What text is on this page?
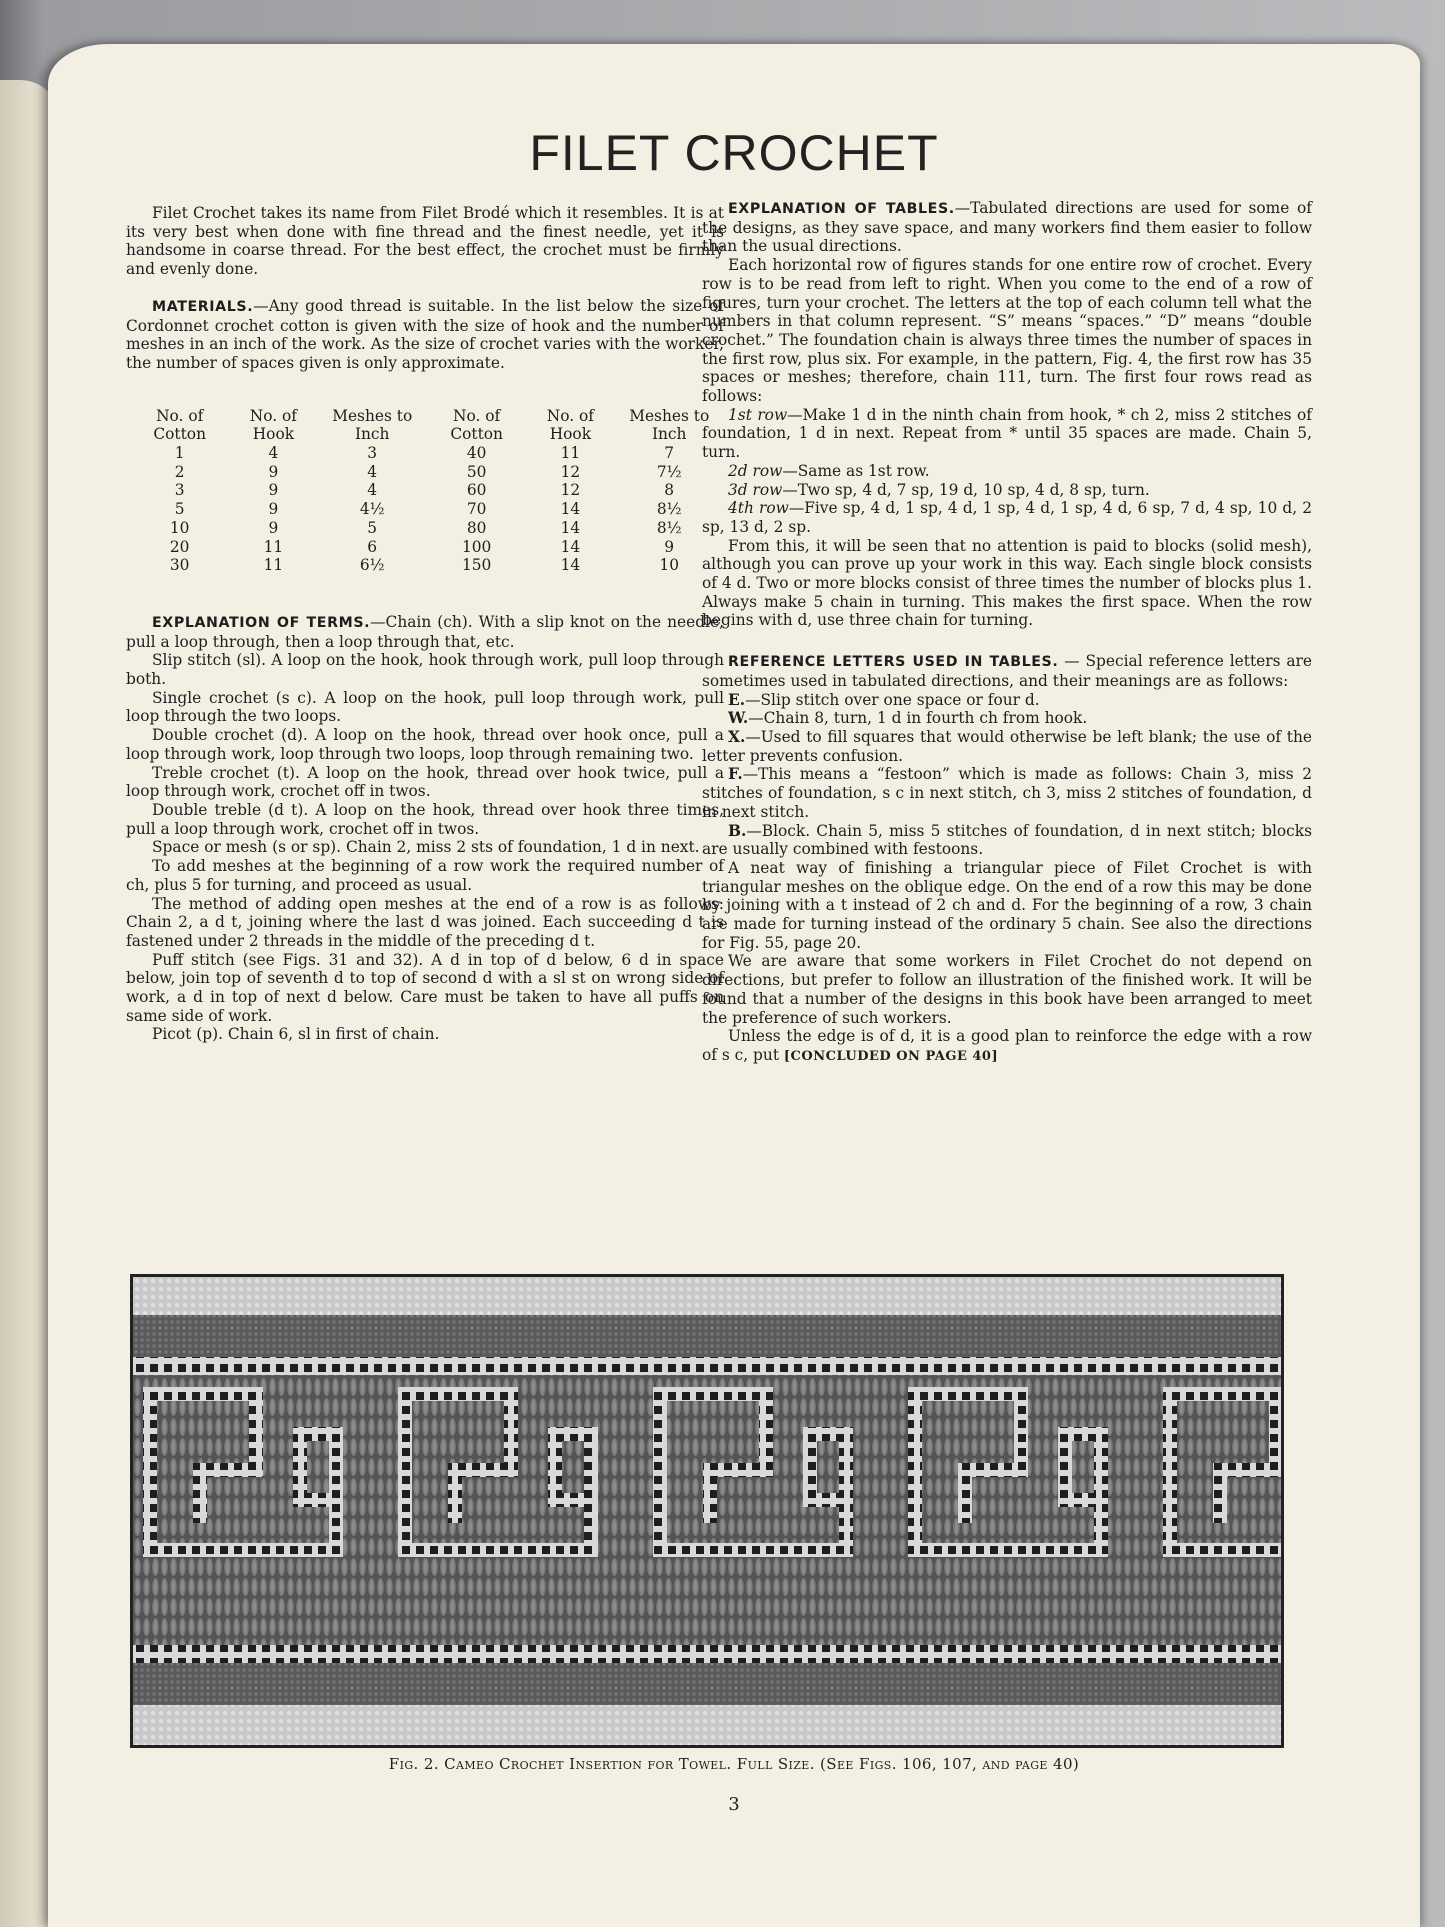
FILET CROCHET

Filet Crochet takes its name from Filet Brodé which it resembles. It is at its very best when done with fine thread and the finest needle, yet it is handsome in coarse thread. For the best effect, the crochet must be firmly and evenly done.

MATERIALS.—Any good thread is suitable. In the list below the size of Cordonnet crochet cotton is given with the size of hook and the number of meshes in an inch of the work. As the size of crochet varies with the worker, the number of spaces given is only approximate.

No. of Cotton	No. of Hook	Meshes to Inch	No. of Cotton	No. of Hook	Meshes to Inch
1	4	3	40	11	7
2	9	4	50	12	7½
3	9	4	60	12	8
5	9	4½	70	14	8½
10	9	5	80	14	8½
20	11	6	100	14	9
30	11	6½	150	14	10

EXPLANATION OF TERMS.—Chain (ch). With a slip knot on the needle, pull a loop through, then a loop through that, etc.

Slip stitch (sl). A loop on the hook, hook through work, pull loop through both.

Single crochet (s c). A loop on the hook, pull loop through work, pull loop through the two loops.

Double crochet (d). A loop on the hook, thread over hook once, pull a loop through work, loop through two loops, loop through remaining two.

Treble crochet (t). A loop on the hook, thread over hook twice, pull a loop through work, crochet off in twos.

Double treble (d t). A loop on the hook, thread over hook three times, pull a loop through work, crochet off in twos.

Space or mesh (s or sp). Chain 2, miss 2 sts of foundation, 1 d in next.

To add meshes at the beginning of a row work the required number of ch, plus 5 for turning, and proceed as usual.

The method of adding open meshes at the end of a row is as follows: Chain 2, a d t, joining where the last d was joined. Each succeeding d t is fastened under 2 threads in the middle of the preceding d t.

Puff stitch (see Figs. 31 and 32). A d in top of d below, 6 d in space below, join top of seventh d to top of second d with a sl st on wrong side of work, a d in top of next d below. Care must be taken to have all puffs on same side of work.

Picot (p). Chain 6, sl in first of chain.

EXPLANATION OF TABLES.—Tabulated directions are used for some of the designs, as they save space, and many workers find them easier to follow than the usual directions.

Each horizontal row of figures stands for one entire row of crochet. Every row is to be read from left to right. When you come to the end of a row of figures, turn your crochet. The letters at the top of each column tell what the numbers in that column represent. “S” means “spaces.” “D” means “double crochet.” The foundation chain is always three times the number of spaces in the first row, plus six. For example, in the pattern, Fig. 4, the first row has 35 spaces or meshes; therefore, chain 111, turn. The first four rows read as follows:

1st row—Make 1 d in the ninth chain from hook, * ch 2, miss 2 stitches of foundation, 1 d in next. Repeat from * until 35 spaces are made. Chain 5, turn.

2d row—Same as 1st row.

3d row—Two sp, 4 d, 7 sp, 19 d, 10 sp, 4 d, 8 sp, turn.

4th row—Five sp, 4 d, 1 sp, 4 d, 1 sp, 4 d, 1 sp, 4 d, 6 sp, 7 d, 4 sp, 10 d, 2 sp, 13 d, 2 sp.

From this, it will be seen that no attention is paid to blocks (solid mesh), although you can prove up your work in this way. Each single block consists of 4 d. Two or more blocks consist of three times the number of blocks plus 1. Always make 5 chain in turning. This makes the first space. When the row begins with d, use three chain for turning.

REFERENCE LETTERS USED IN TABLES. — Special reference letters are sometimes used in tabulated directions, and their meanings are as follows:

E.—Slip stitch over one space or four d.

W.—Chain 8, turn, 1 d in fourth ch from hook.

X.—Used to fill squares that would otherwise be left blank; the use of the letter prevents confusion.

F.—This means a “festoon” which is made as follows: Chain 3, miss 2 stitches of foundation, s c in next stitch, ch 3, miss 2 stitches of foundation, d in next stitch.

B.—Block. Chain 5, miss 5 stitches of foundation, d in next stitch; blocks are usually combined with festoons.

A neat way of finishing a triangular piece of Filet Crochet is with triangular meshes on the oblique edge. On the end of a row this may be done by joining with a t instead of 2 ch and d. For the beginning of a row, 3 chain are made for turning instead of the ordinary 5 chain. See also the directions for Fig. 55, page 20.

We are aware that some workers in Filet Crochet do not depend on directions, but prefer to follow an illustration of the finished work. It will be found that a number of the designs in this book have been arranged to meet the preference of such workers.

Unless the edge is of d, it is a good plan to reinforce the edge with a row of s c, put [CONCLUDED ON PAGE 40]

Fig. 2. Cameo Crochet Insertion for Towel. Full Size. (See Figs. 106, 107, and page 40)
3
